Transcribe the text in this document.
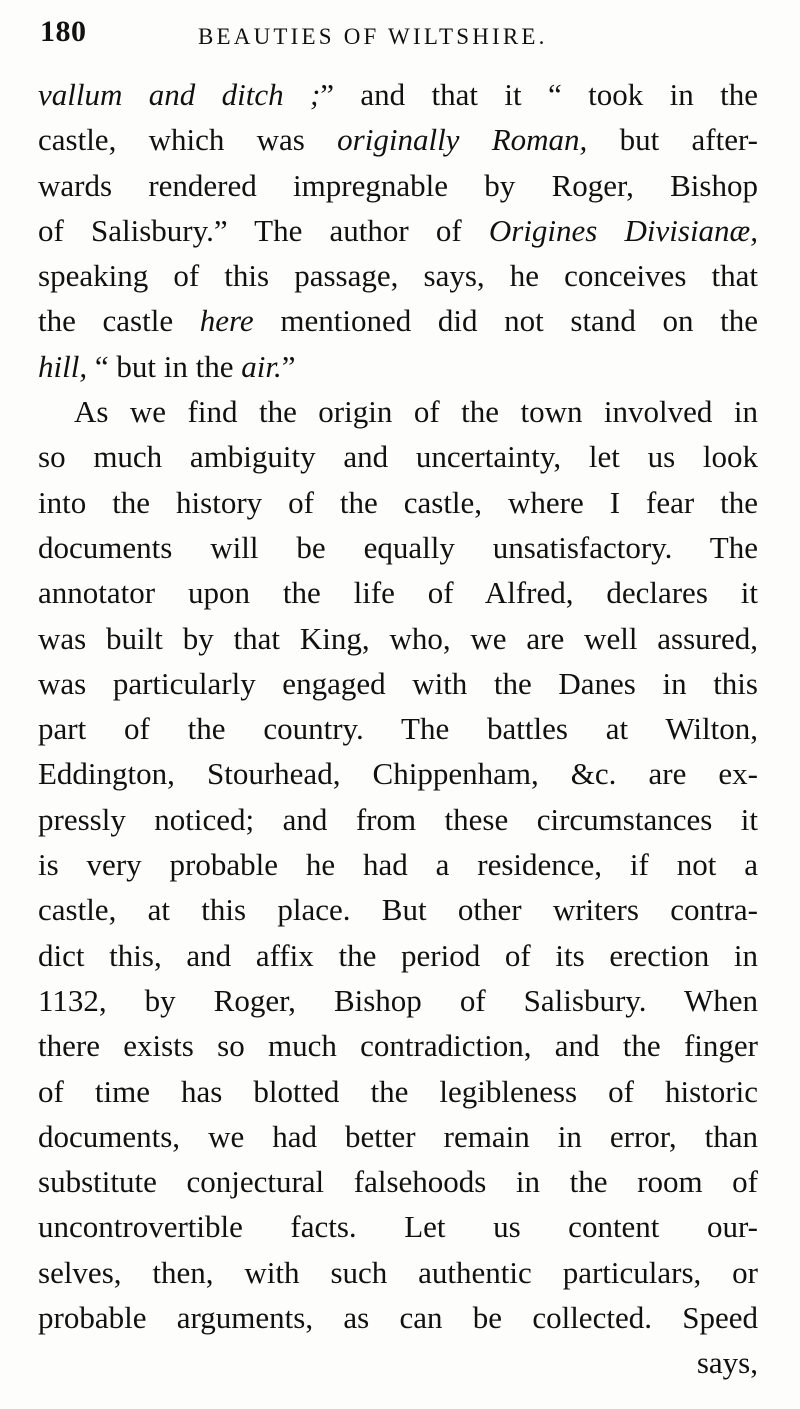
180	BEAUTIES OF WILTSHIRE.
vallum and ditch ;” and that it “ took in the
castle, which was originally Roman, but after-
wards rendered impregnable by Roger, Bishop
of Salisbury.” The author of Origines Divisianæ,
speaking of this passage, says, he conceives that
the castle here mentioned did not stand on the
hill, “ but in the air.”
As we find the origin of the town involved in
so much ambiguity and uncertainty, let us look
into the history of the castle, where I fear the
documents will be equally unsatisfactory. The
annotator upon the life of Alfred, declares it
was built by that King, who, we are well assured,
was particularly engaged with the Danes in this
part of the country. The battles at Wilton,
Eddington, Stourhead, Chippenham, &c. are ex-
pressly noticed; and from these circumstances it
is very probable he had a residence, if not a
castle, at this place. But other writers contra-
dict this, and affix the period of its erection in
1132, by Roger, Bishop of Salisbury. When
there exists so much contradiction, and the finger
of time has blotted the legibleness of historic
documents, we had better remain in error, than
substitute conjectural falsehoods in the room of
uncontrovertible facts. Let us content our-
selves, then, with such authentic particulars, or
probable arguments, as can be collected. Speed
says,
